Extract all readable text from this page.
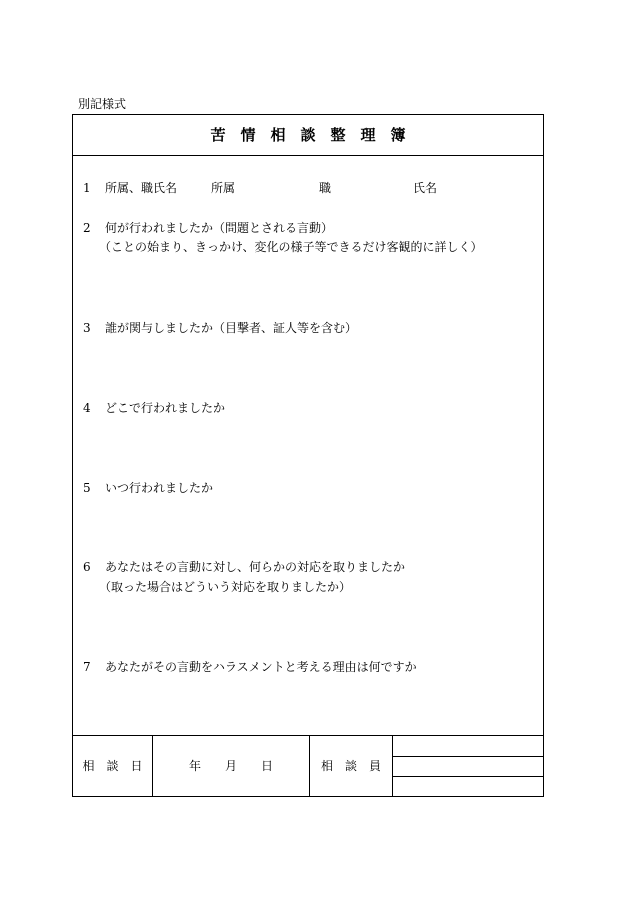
別記様式
苦　情　相　談　整　理　簿
1 所属、職氏名	所属	職	氏名
2 何が行われましたか（問題とされる言動）
（ことの始まり、きっかけ、変化の様子等できるだけ客観的に詳しく）
3 誰が関与しましたか（目撃者、証人等を含む）
4 どこで行われましたか
5 いつ行われましたか
6 あなたはその言動に対し、何らかの対応を取りましたか
（取った場合はどういう対応を取りましたか）
7 あなたがその言動をハラスメントと考える理由は何ですか
相　談　日	年　　月　　日	相　談　員
